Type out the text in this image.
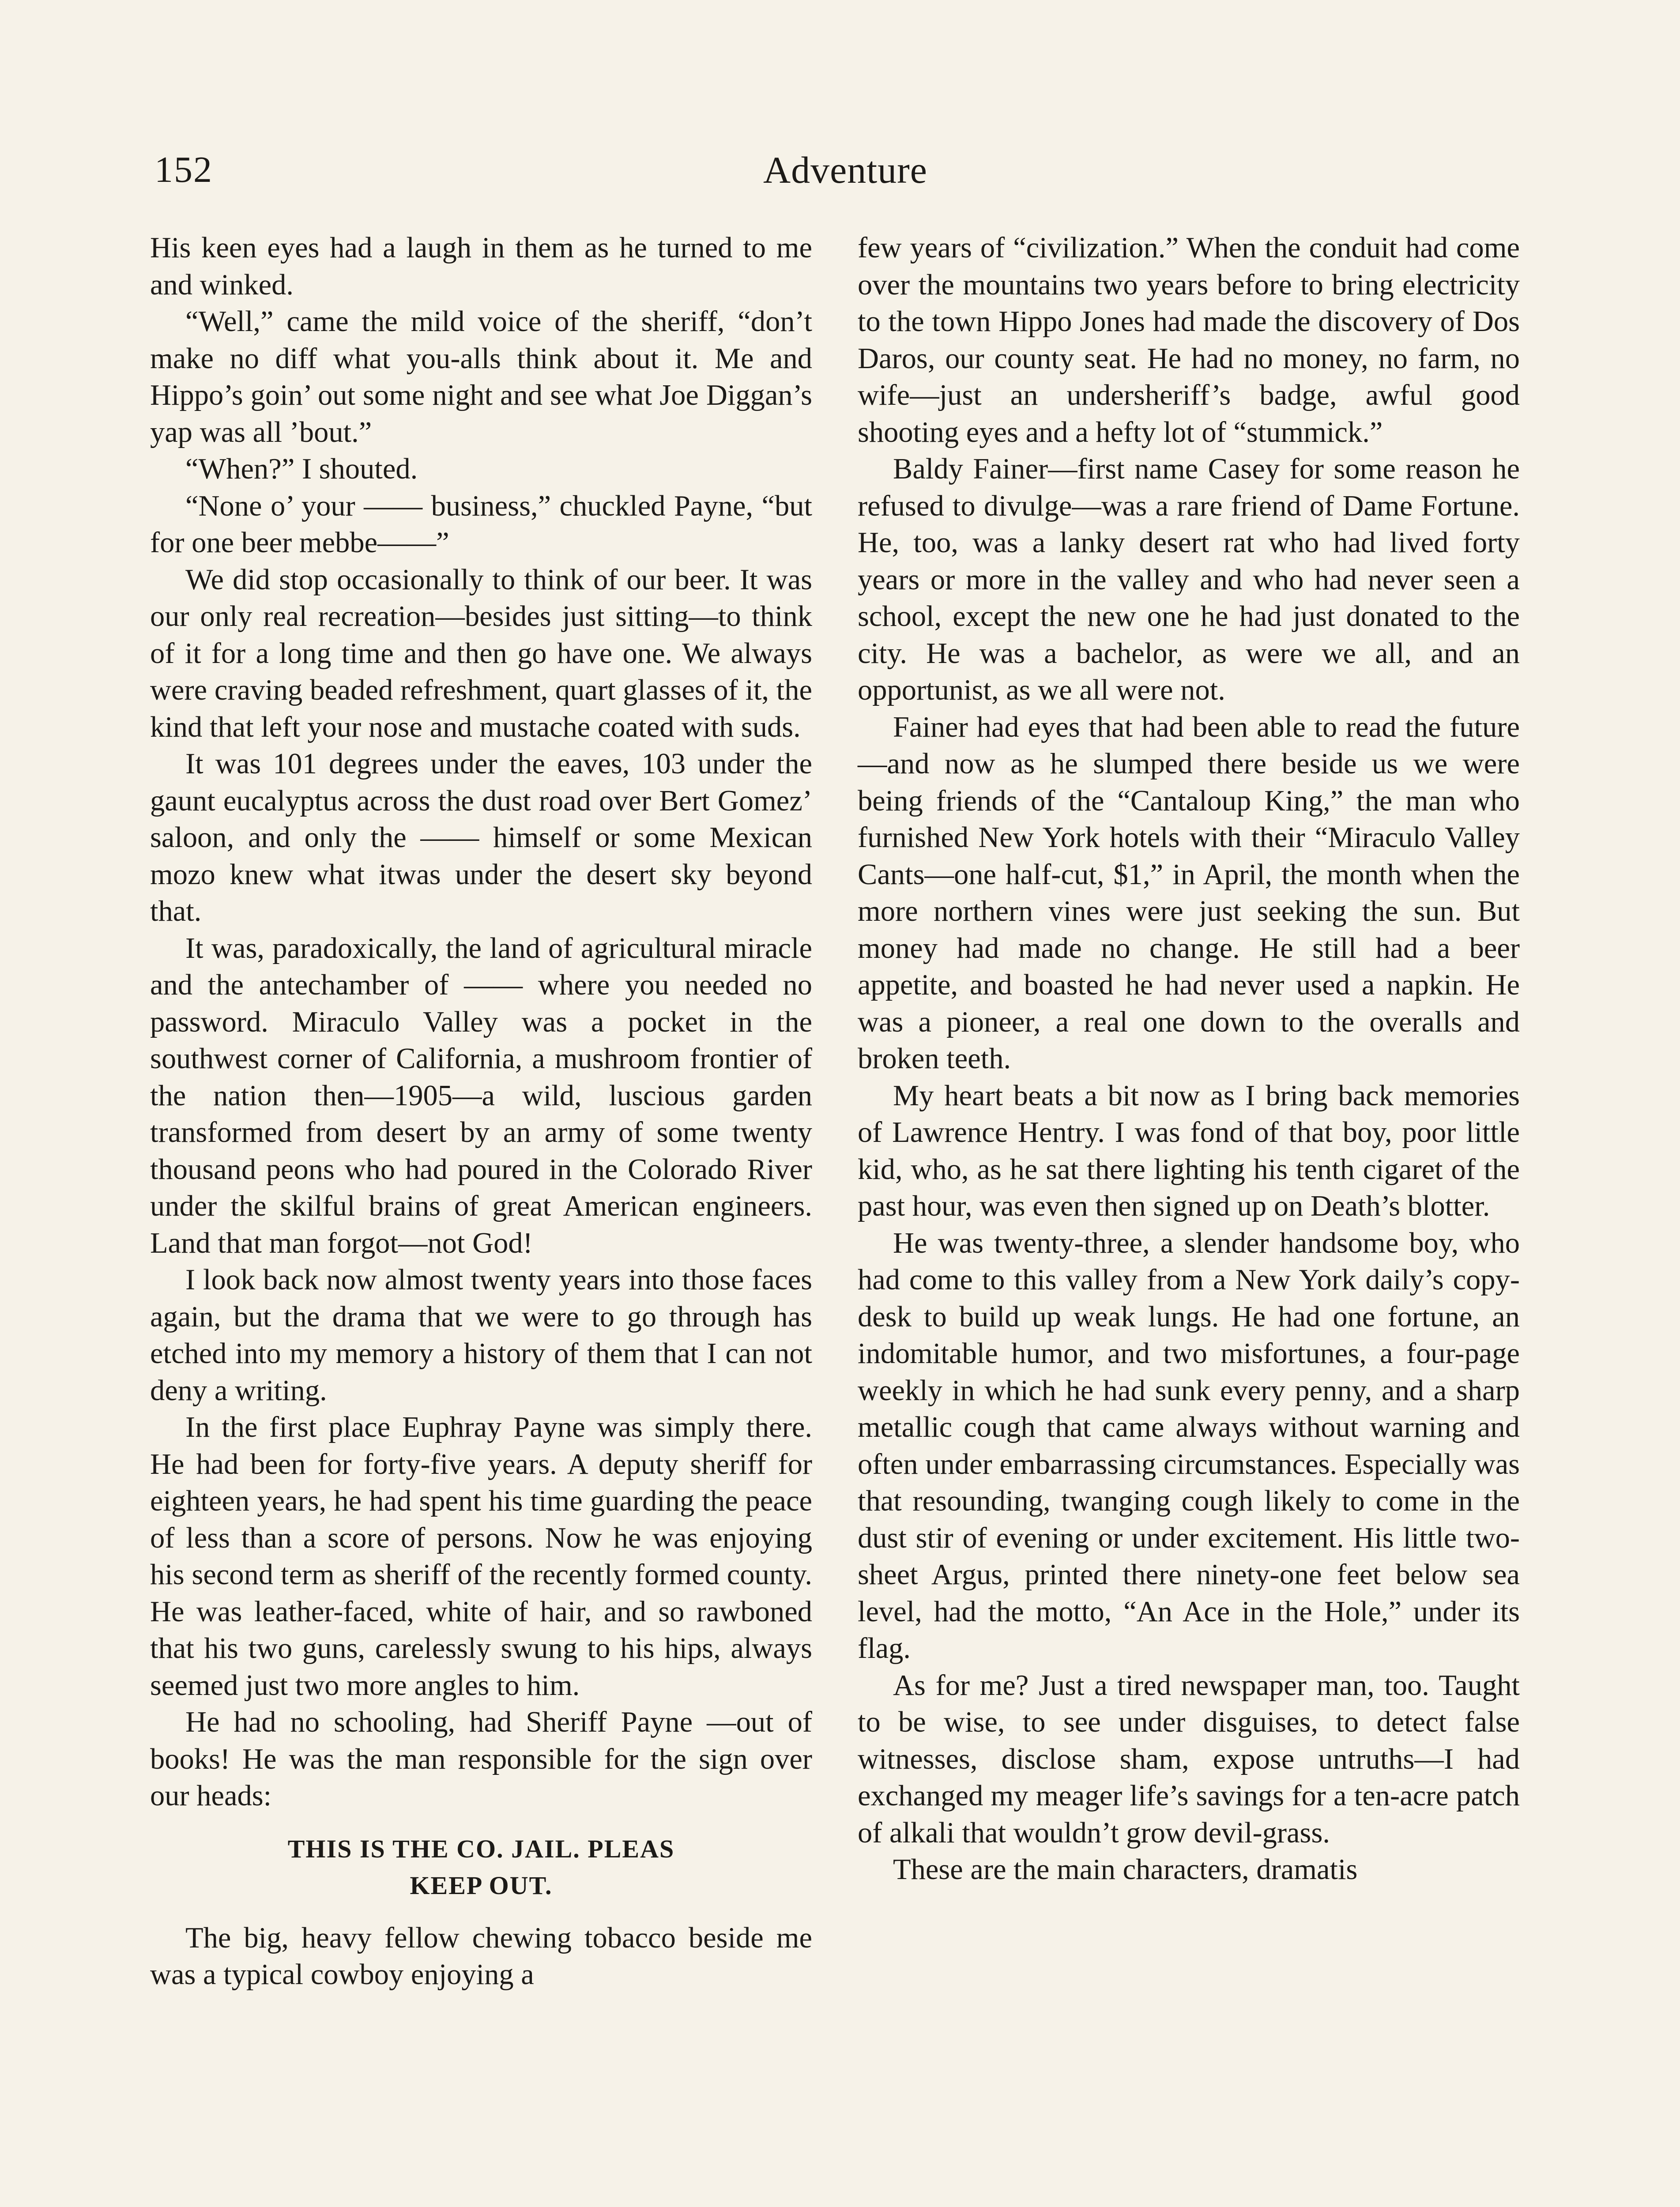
152	Adventure

His keen eyes had a laugh in them as he turned to me and winked.

“Well,” came the mild voice of the sheriff, “don’t make no diff what you-alls think about it. Me and Hippo’s goin’ out some night and see what Joe Diggan’s yap was all ’bout.”

“When?” I shouted.

“None o’ your —— business,” chuckled Payne, “but for one beer mebbe——”

We did stop occasionally to think of our beer. It was our only real recreation—besides just sitting—to think of it for a long time and then go have one. We always were craving beaded refreshment, quart glasses of it, the kind that left your nose and mustache coated with suds.

It was 101 degrees under the eaves, 103 under the gaunt eucalyptus across the dust road over Bert Gomez’ saloon, and only the —— himself or some Mexican mozo knew what itwas under the desert sky beyond that.

It was, paradoxically, the land of agricultural miracle and the antechamber of —— where you needed no password. Miraculo Valley was a pocket in the southwest corner of California, a mushroom frontier of the nation then—1905—a wild, luscious garden transformed from desert by an army of some twenty thousand peons who had poured in the Colorado River under the skilful brains of great American engineers. Land that man forgot—not God!

I look back now almost twenty years into those faces again, but the drama that we were to go through has etched into my memory a history of them that I can not deny a writing.

In the first place Euphray Payne was simply there. He had been for forty-five years. A deputy sheriff for eighteen years, he had spent his time guarding the peace of less than a score of persons. Now he was enjoying his second term as sheriff of the recently formed county. He was leather-faced, white of hair, and so rawboned that his two guns, carelessly swung to his hips, always seemed just two more angles to him.

He had no schooling, had Sheriff Payne —out of books! He was the man responsible for the sign over our heads:

THIS IS THE CO. JAIL. PLEAS
KEEP OUT.

The big, heavy fellow chewing tobacco beside me was a typical cowboy enjoying a

few years of “civilization.” When the conduit had come over the mountains two years before to bring electricity to the town Hippo Jones had made the discovery of Dos Daros, our county seat. He had no money, no farm, no wife—just an undersheriff’s badge, awful good shooting eyes and a hefty lot of “stummick.”

Baldy Fainer—first name Casey for some reason he refused to divulge—was a rare friend of Dame Fortune. He, too, was a lanky desert rat who had lived forty years or more in the valley and who had never seen a school, except the new one he had just donated to the city. He was a bachelor, as were we all, and an opportunist, as we all were not.

Fainer had eyes that had been able to read the future—and now as he slumped there beside us we were being friends of the “Cantaloup King,” the man who furnished New York hotels with their “Miraculo Valley Cants—one half-cut, $1,” in April, the month when the more northern vines were just seeking the sun. But money had made no change. He still had a beer appetite, and boasted he had never used a napkin. He was a pioneer, a real one down to the overalls and broken teeth.

My heart beats a bit now as I bring back memories of Lawrence Hentry. I was fond of that boy, poor little kid, who, as he sat there lighting his tenth cigaret of the past hour, was even then signed up on Death’s blotter.

He was twenty-three, a slender handsome boy, who had come to this valley from a New York daily’s copy-desk to build up weak lungs. He had one fortune, an indomitable humor, and two misfortunes, a four-page weekly in which he had sunk every penny, and a sharp metallic cough that came always without warning and often under embarrassing circumstances. Especially was that resounding, twanging cough likely to come in the dust stir of evening or under excitement. His little two-sheet Argus, printed there ninety-one feet below sea level, had the motto, “An Ace in the Hole,” under its flag.

As for me? Just a tired newspaper man, too. Taught to be wise, to see under disguises, to detect false witnesses, disclose sham, expose untruths—I had exchanged my meager life’s savings for a ten-acre patch of alkali that wouldn’t grow devil-grass.

These are the main characters, dramatis
